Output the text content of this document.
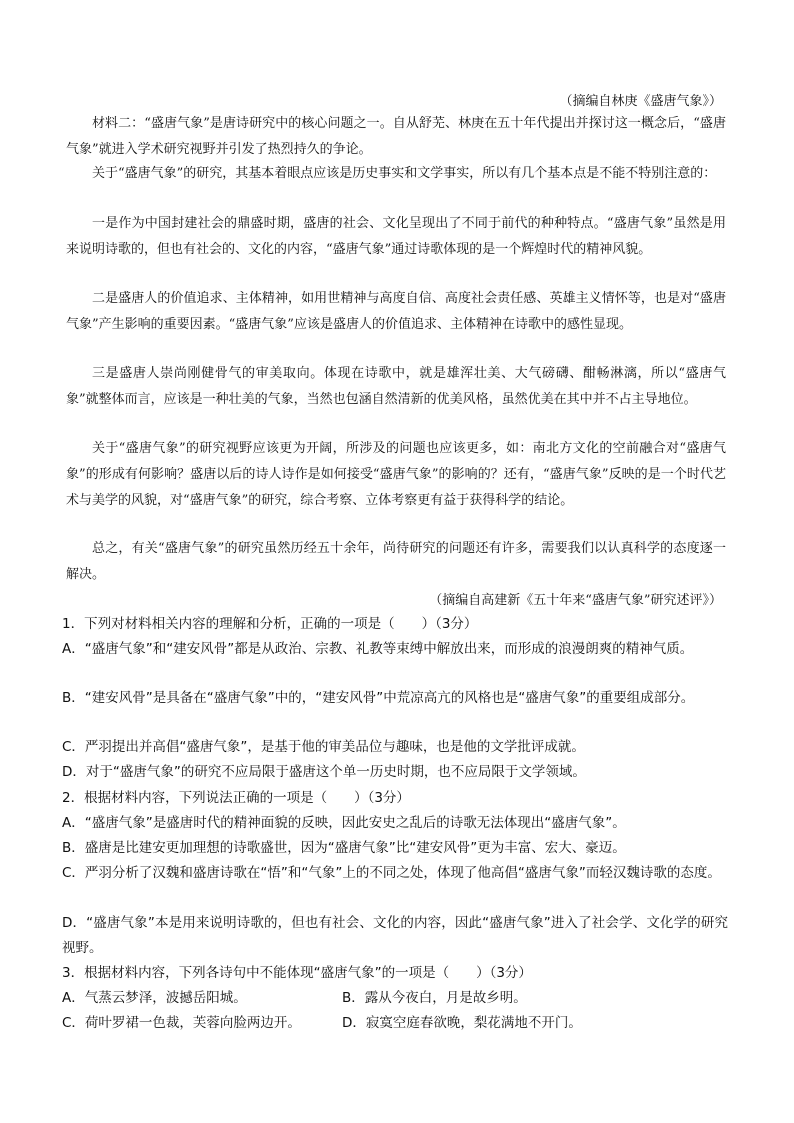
（摘编自林庚《盛唐气象》）

材料二：“盛唐气象”是唐诗研究中的核心问题之一。自从舒芜、林庚在五十年代提出并探讨这一概念后，“盛唐气象”就进入学术研究视野并引发了热烈持久的争论。

关于“盛唐气象”的研究，其基本着眼点应该是历史事实和文学事实，所以有几个基本点是不能不特别注意的：

一是作为中国封建社会的鼎盛时期，盛唐的社会、文化呈现出了不同于前代的种种特点。“盛唐气象”虽然是用来说明诗歌的，但也有社会的、文化的内容，“盛唐气象”通过诗歌体现的是一个辉煌时代的精神风貌。

二是盛唐人的价值追求、主体精神，如用世精神与高度自信、高度社会责任感、英雄主义情怀等，也是对“盛唐气象”产生影响的重要因素。“盛唐气象”应该是盛唐人的价值追求、主体精神在诗歌中的感性显现。

三是盛唐人崇尚刚健骨气的审美取向。体现在诗歌中，就是雄浑壮美、大气磅礴、酣畅淋漓，所以“盛唐气象”就整体而言，应该是一种壮美的气象，当然也包涵自然清新的优美风格，虽然优美在其中并不占主导地位。

关于“盛唐气象”的研究视野应该更为开阔，所涉及的问题也应该更多，如：南北方文化的空前融合对“盛唐气象”的形成有何影响？盛唐以后的诗人诗作是如何接受“盛唐气象”的影响的？还有，“盛唐气象”反映的是一个时代艺术与美学的风貌，对“盛唐气象”的研究，综合考察、立体考察更有益于获得科学的结论。

总之，有关“盛唐气象”的研究虽然历经五十余年，尚待研究的问题还有许多，需要我们以认真科学的态度逐一解决。

（摘编自高建新《五十年来“盛唐气象”研究述评》）
1．下列对材料相关内容的理解和分析，正确的一项是（　　）（3分）
A．“盛唐气象”和“建安风骨”都是从政治、宗教、礼教等束缚中解放出来，而形成的浪漫朗爽的精神气质。
B．“建安风骨”是具备在“盛唐气象”中的，“建安风骨”中荒凉高亢的风格也是“盛唐气象”的重要组成部分。
C．严羽提出并高倡“盛唐气象”，是基于他的审美品位与趣味，也是他的文学批评成就。
D．对于“盛唐气象”的研究不应局限于盛唐这个单一历史时期，也不应局限于文学领域。
2．根据材料内容，下列说法正确的一项是（　　）（3分）
A．“盛唐气象”是盛唐时代的精神面貌的反映，因此安史之乱后的诗歌无法体现出“盛唐气象”。
B．盛唐是比建安更加理想的诗歌盛世，因为“盛唐气象”比“建安风骨”更为丰富、宏大、豪迈。
C．严羽分析了汉魏和盛唐诗歌在“悟”和“气象”上的不同之处，体现了他高倡“盛唐气象”而轻汉魏诗歌的态度。
D．“盛唐气象”本是用来说明诗歌的，但也有社会、文化的内容，因此“盛唐气象”进入了社会学、文化学的研究视野。
3．根据材料内容，下列各诗句中不能体现“盛唐气象”的一项是（　　）（3分）
A．气蒸云梦泽，波撼岳阳城。	B．露从今夜白，月是故乡明。
C．荷叶罗裙一色裁，芙蓉向脸两边开。	D．寂寞空庭春欲晚，梨花满地不开门。
